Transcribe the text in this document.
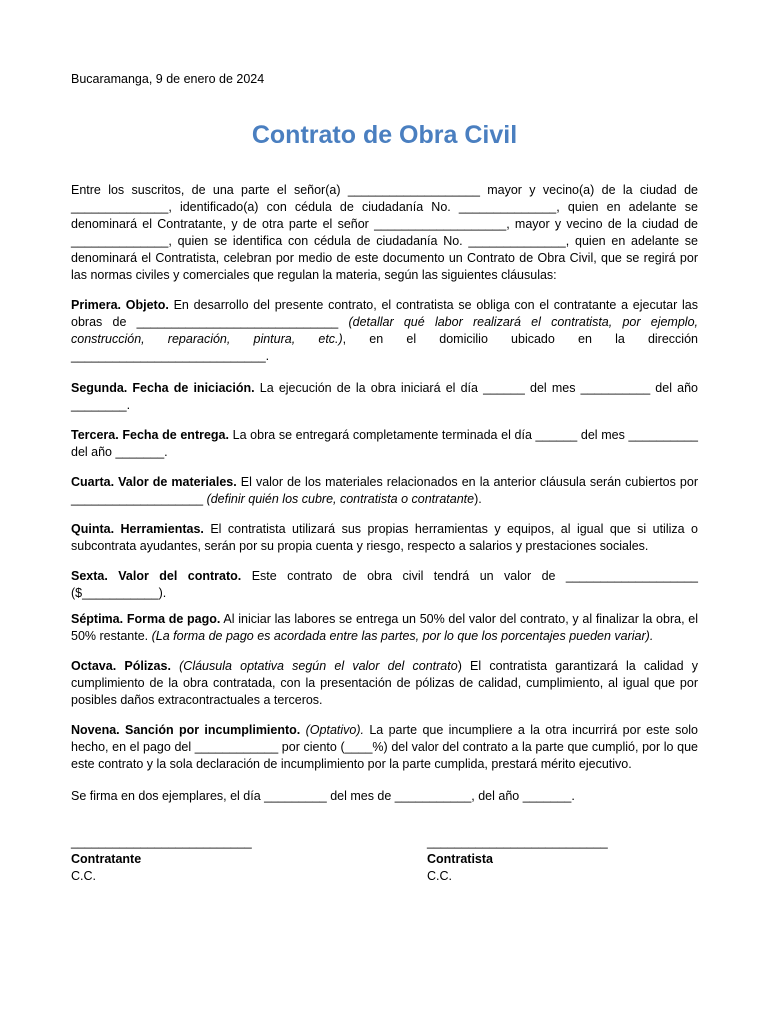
Bucaramanga, 9 de enero de 2024
Contrato de Obra Civil

Entre los suscritos, de una parte el señor(a) ___________________ mayor y vecino(a) de la ciudad de ______________, identificado(a) con cédula de ciudadanía No. ______________, quien en adelante se denominará el Contratante, y de otra parte el señor ___________________, mayor y vecino de la ciudad de ______________, quien se identifica con cédula de ciudadanía No. ______________, quien en adelante se denominará el Contratista, celebran por medio de este documento un Contrato de Obra Civil, que se regirá por las normas civiles y comerciales que regulan la materia, según las siguientes cláusulas:

Primera. Objeto. En desarrollo del presente contrato, el contratista se obliga con el contratante a ejecutar las obras de _____________________________ (detallar qué labor realizará el contratista, por ejemplo, construcción, reparación, pintura, etc.), en el domicilio ubicado en la dirección ____________________________.

Segunda. Fecha de iniciación. La ejecución de la obra iniciará el día ______ del mes __________ del año ________.

Tercera. Fecha de entrega. La obra se entregará completamente terminada el día ______ del mes __________ del año _______.

Cuarta. Valor de materiales. El valor de los materiales relacionados en la anterior cláusula serán cubiertos por ___________________ (definir quién los cubre, contratista o contratante).

Quinta. Herramientas. El contratista utilizará sus propias herramientas y equipos, al igual que si utiliza o subcontrata ayudantes, serán por su propia cuenta y riesgo, respecto a salarios y prestaciones sociales.

Sexta. Valor del contrato. Este contrato de obra civil tendrá un valor de ___________________ ($___________).

Séptima. Forma de pago. Al iniciar las labores se entrega un 50% del valor del contrato, y al finalizar la obra, el 50% restante. (La forma de pago es acordada entre las partes, por lo que los porcentajes pueden variar).

Octava. Pólizas. (Cláusula optativa según el valor del contrato) El contratista garantizará la calidad y cumplimiento de la obra contratada, con la presentación de pólizas de calidad, cumplimiento, al igual que por posibles daños extracontractuales a terceros.

Novena. Sanción por incumplimiento. (Optativo). La parte que incumpliere a la otra incurrirá por este solo hecho, en el pago del ____________ por ciento (____%) del valor del contrato a la parte que cumplió, por lo que este contrato y la sola declaración de incumplimiento por la parte cumplida, prestará mérito ejecutivo.

Se firma en dos ejemplares, el día _________ del mes de ___________, del año _______.

__________________________
Contratante
C.C.
__________________________
Contratista
C.C.
